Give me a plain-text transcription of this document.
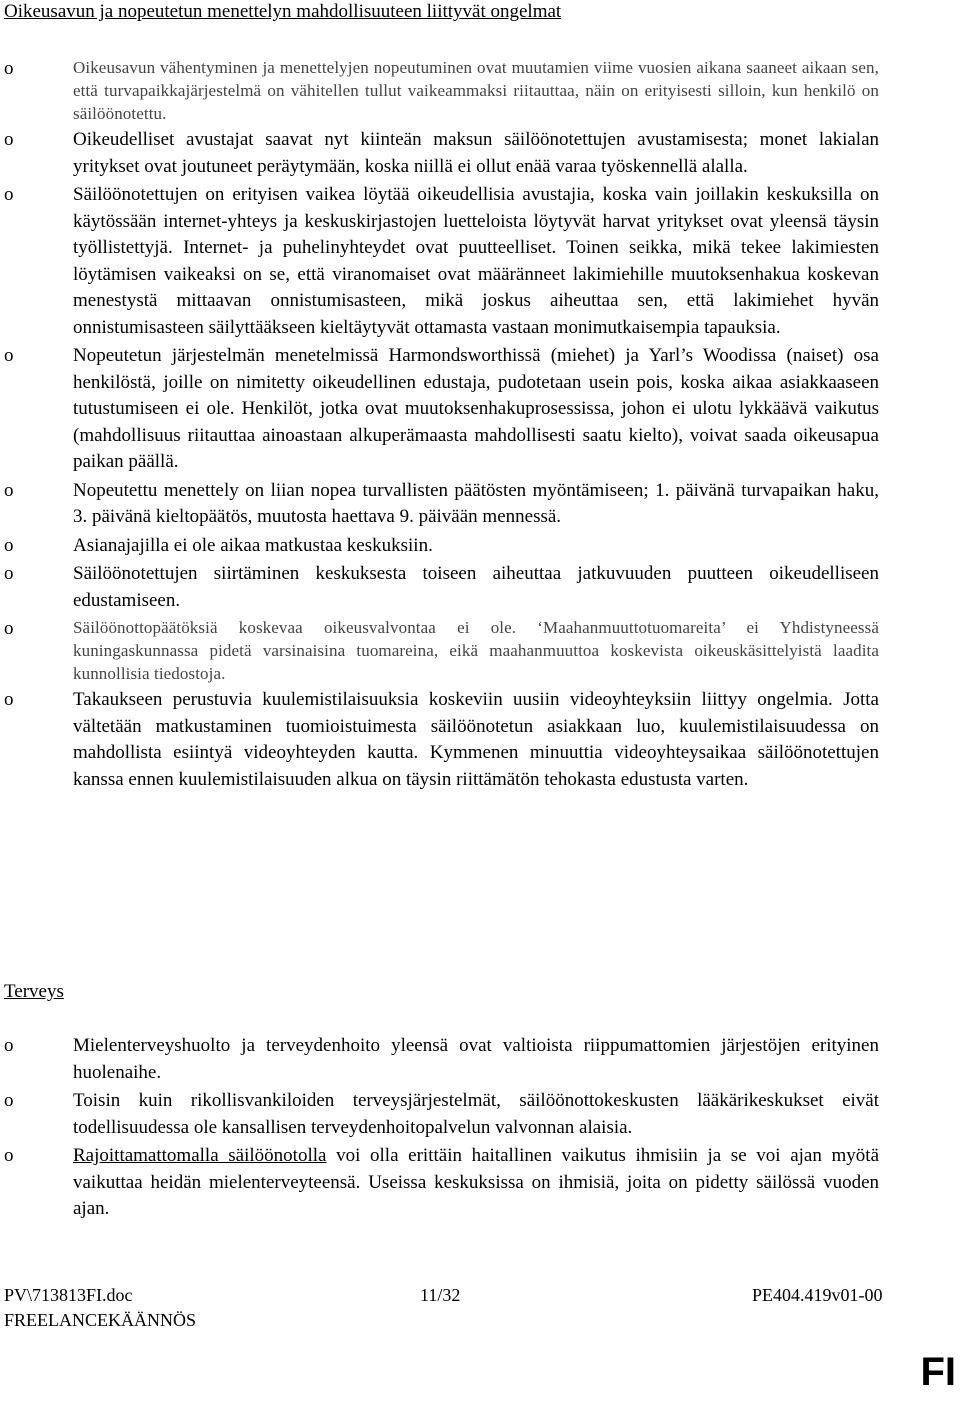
Oikeusavun ja nopeutetun menettelyn mahdollisuuteen liittyvät ongelmat
o	Oikeusavun vähentyminen ja menettelyjen nopeutuminen ovat muutamien viime vuosien aikana saaneet aikaan sen, että turvapaikkajärjestelmä on vähitellen tullut vaikeammaksi riitauttaa, näin on erityisesti silloin, kun henkilö on säilöönotettu.
o	Oikeudelliset avustajat saavat nyt kiinteän maksun säilöönotettujen avustamisesta; monet lakialan yritykset ovat joutuneet peräytymään, koska niillä ei ollut enää varaa työskennellä alalla.
o	Säilöönotettujen on erityisen vaikea löytää oikeudellisia avustajia, koska vain joillakin keskuksilla on käytössään internet-yhteys ja keskuskirjastojen luetteloista löytyvät harvat yritykset ovat yleensä täysin työllistettyjä. Internet- ja puhelinyhteydet ovat puutteelliset. Toinen seikka, mikä tekee lakimiesten löytämisen vaikeaksi on se, että viranomaiset ovat määränneet lakimiehille muutoksenhakua koskevan menestystä mittaavan onnistumisasteen, mikä joskus aiheuttaa sen, että lakimiehet hyvän onnistumisasteen säilyttääkseen kieltäytyvät ottamasta vastaan monimutkaisempia tapauksia.
o	Nopeutetun järjestelmän menetelmissä Harmondsworthissä (miehet) ja Yarl’s Woodissa (naiset) osa henkilöstä, joille on nimitetty oikeudellinen edustaja, pudotetaan usein pois, koska aikaa asiakkaaseen tutustumiseen ei ole. Henkilöt, jotka ovat muutoksenhakuprosessissa, johon ei ulotu lykkäävä vaikutus (mahdollisuus riitauttaa ainoastaan alkuperämaasta mahdollisesti saatu kielto), voivat saada oikeusapua paikan päällä.
o	Nopeutettu menettely on liian nopea turvallisten päätösten myöntämiseen; 1. päivänä turvapaikan haku, 3. päivänä kieltopäätös, muutosta haettava 9. päivään mennessä.
o	Asianajajilla ei ole aikaa matkustaa keskuksiin.
o	Säilöönotettujen siirtäminen keskuksesta toiseen aiheuttaa jatkuvuuden puutteen oikeudelliseen edustamiseen.
o	Säilöönottopäätöksiä koskevaa oikeusvalvontaa ei ole. ‘Maahanmuuttotuomareita’ ei Yhdistyneessä kuningaskunnassa pidetä varsinaisina tuomareina, eikä maahanmuuttoa koskevista oikeuskäsittelyistä laadita kunnollisia tiedostoja.
o	Takaukseen perustuvia kuulemistilaisuuksia koskeviin uusiin videoyhteyksiin liittyy ongelmia. Jotta vältetään matkustaminen tuomioistuimesta säilöönotetun asiakkaan luo, kuulemistilaisuudessa on mahdollista esiintyä videoyhteyden kautta. Kymmenen minuuttia videoyhteysaikaa säilöönotettujen kanssa ennen kuulemistilaisuuden alkua on täysin riittämätön tehokasta edustusta varten.
Terveys
o	Mielenterveyshuolto ja terveydenhoito yleensä ovat valtioista riippumattomien järjestöjen erityinen huolenaihe.
o	Toisin kuin rikollisvankiloiden terveysjärjestelmät, säilöönottokeskusten lääkärikeskukset eivät todellisuudessa ole kansallisen terveydenhoitopalvelun valvonnan alaisia.
o	Rajoittamattomalla säilöönotolla voi olla erittäin haitallinen vaikutus ihmisiin ja se voi ajan myötä vaikuttaa heidän mielenterveyteensä. Useissa keskuksissa on ihmisiä, joita on pidetty säilössä vuoden ajan.
PV\713813FI.doc	11/32	PE404.419v01-00
FREELANCEKÄÄNNÖS
FI
